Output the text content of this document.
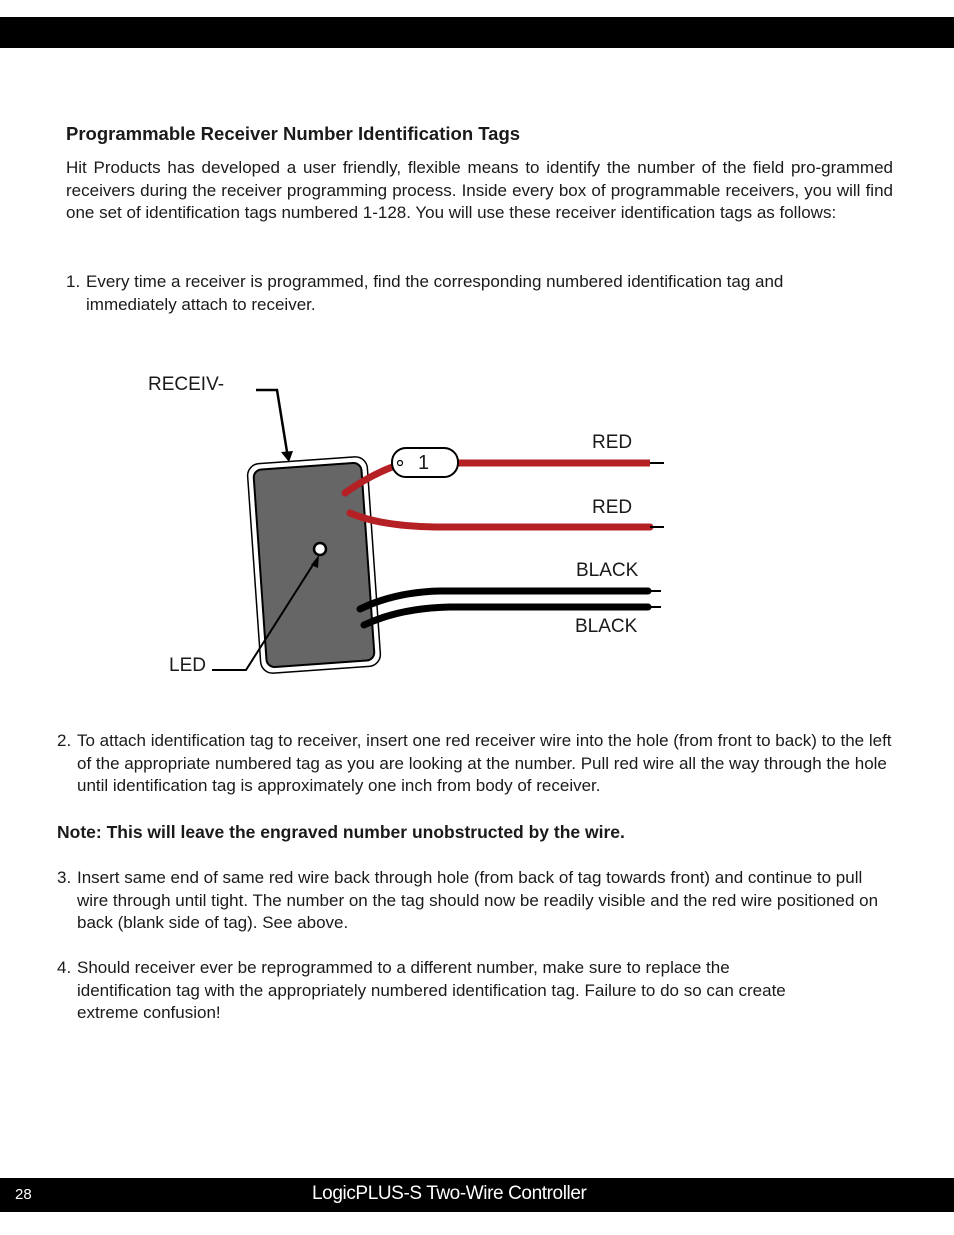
Programmable Receiver Number Identification Tags

Hit Products has developed a user friendly, flexible means to identify the number of the field pro-grammed receivers during the receiver programming process. Inside every box of programmable receivers, you will find one set of identification tags numbered 1-128. You will use these receiver identification tags as follows:

1. Every time a receiver is programmed, find the corresponding numbered identification tag and immediately attach to receiver.
1
RECEIV-
LED
RED
RED
BLACK
BLACK
2. To attach identification tag to receiver, insert one red receiver wire into the hole (from front to back) to the left of the appropriate numbered tag as you are looking at the number. Pull red wire all the way through the hole until identification tag is approximately one inch from body of receiver.

Note: This will leave the engraved number unobstructed by the wire.

3. Insert same end of same red wire back through hole (from back of tag towards front) and continue to pull wire through until tight. The number on the tag should now be readily visible and the red wire positioned on back (blank side of tag). See above.
4. Should receiver ever be reprogrammed to a different number, make sure to replace the identification tag with the appropriately numbered identification tag. Failure to do so can create extreme confusion!
28	LogicPLUS-S Two-Wire Controller
